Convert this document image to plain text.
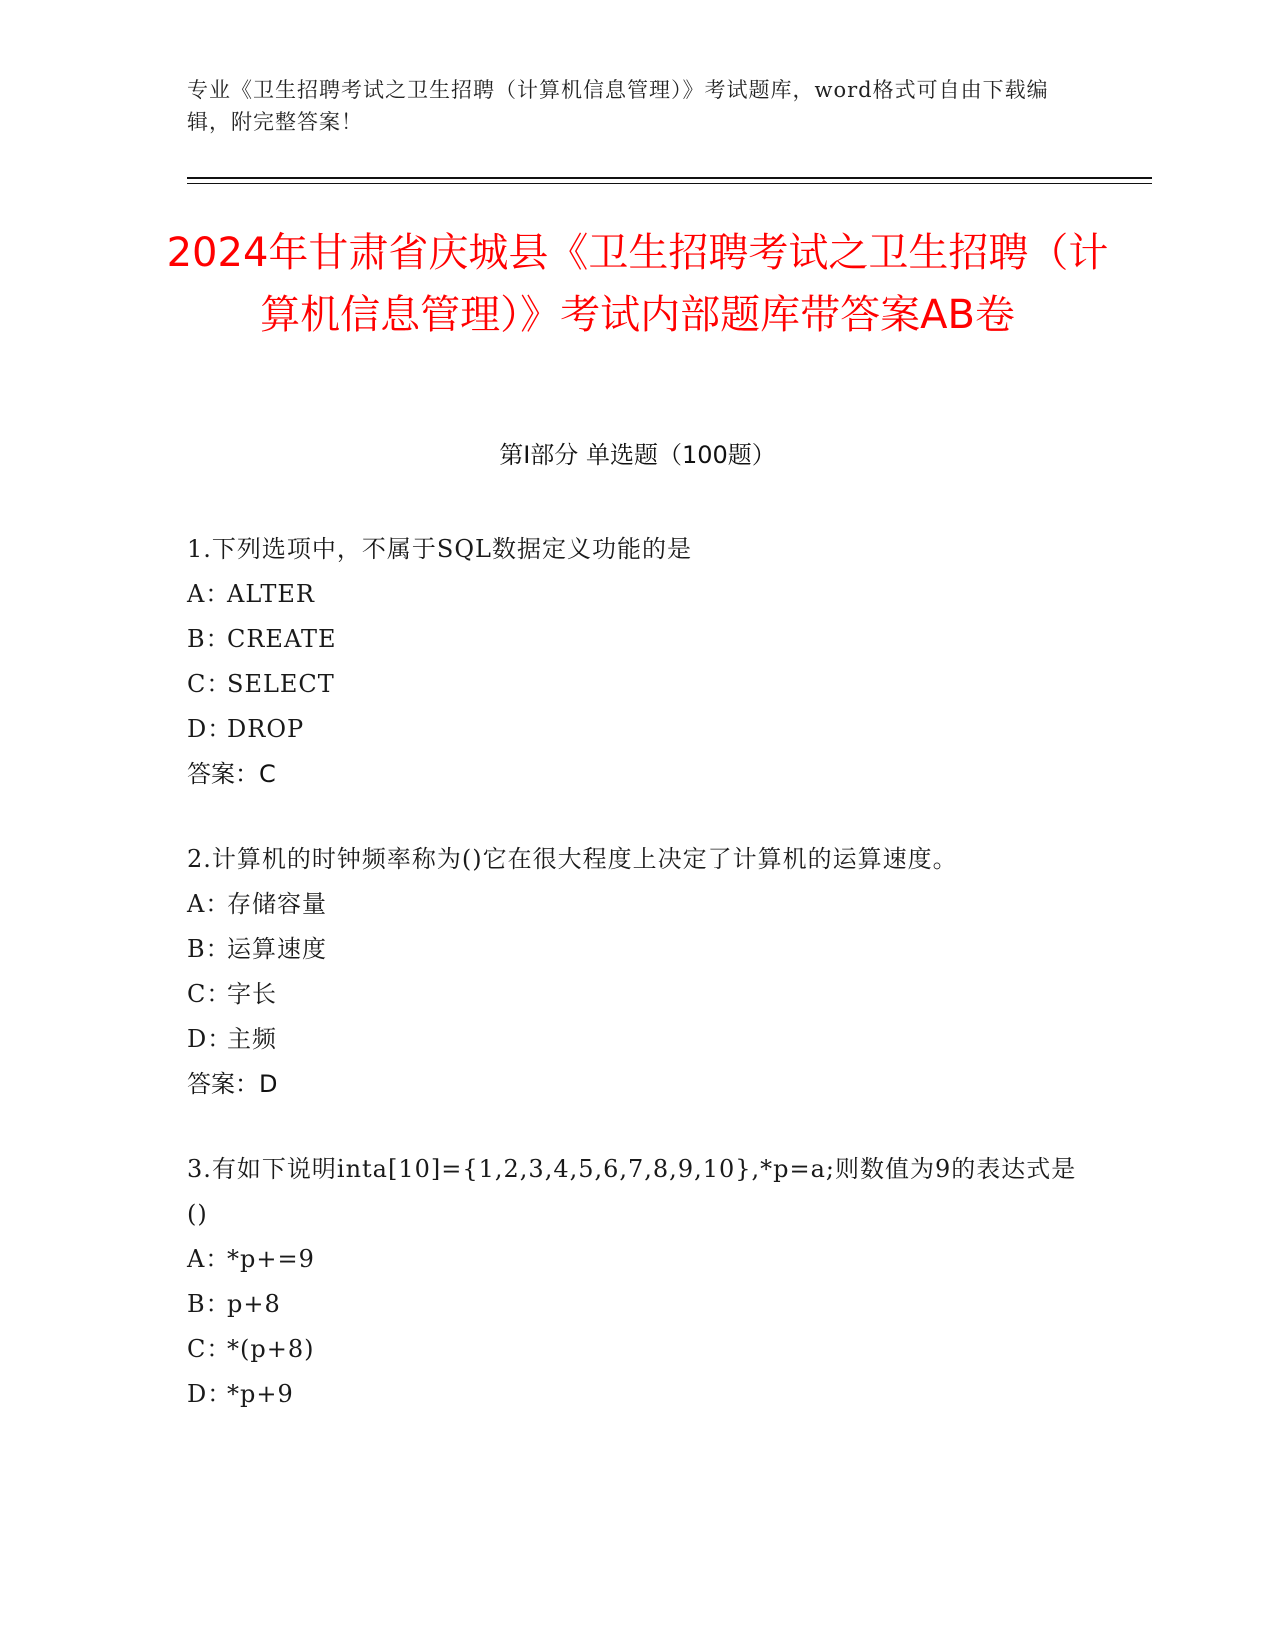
专业《卫生招聘考试之卫生招聘（计算机信息管理）》考试题库，word格式可自由下载编辑，附完整答案！
2024年甘肃省庆城县《卫生招聘考试之卫生招聘（计算机信息管理）》考试内部题库带答案AB卷
第I部分 单选题（100题）
1.下列选项中，不属于SQL数据定义功能的是
A：
ALTER
B：
CREATE
C：
SELECT
D：
DROP
答案：C
2.计算机的时钟频率称为()它在很大程度上决定了计算机的运算速度。
A：
存储容量
B：
运算速度
C：
字长
D：
主频
答案：D
3.有如下说明inta[10]={1,2,3,4,5,6,7,8,9,10},*p=a;则数值为9的表达式是()
A：
*p+=9
B：
p+8
C：
*(p+8)
D：
*p+9
